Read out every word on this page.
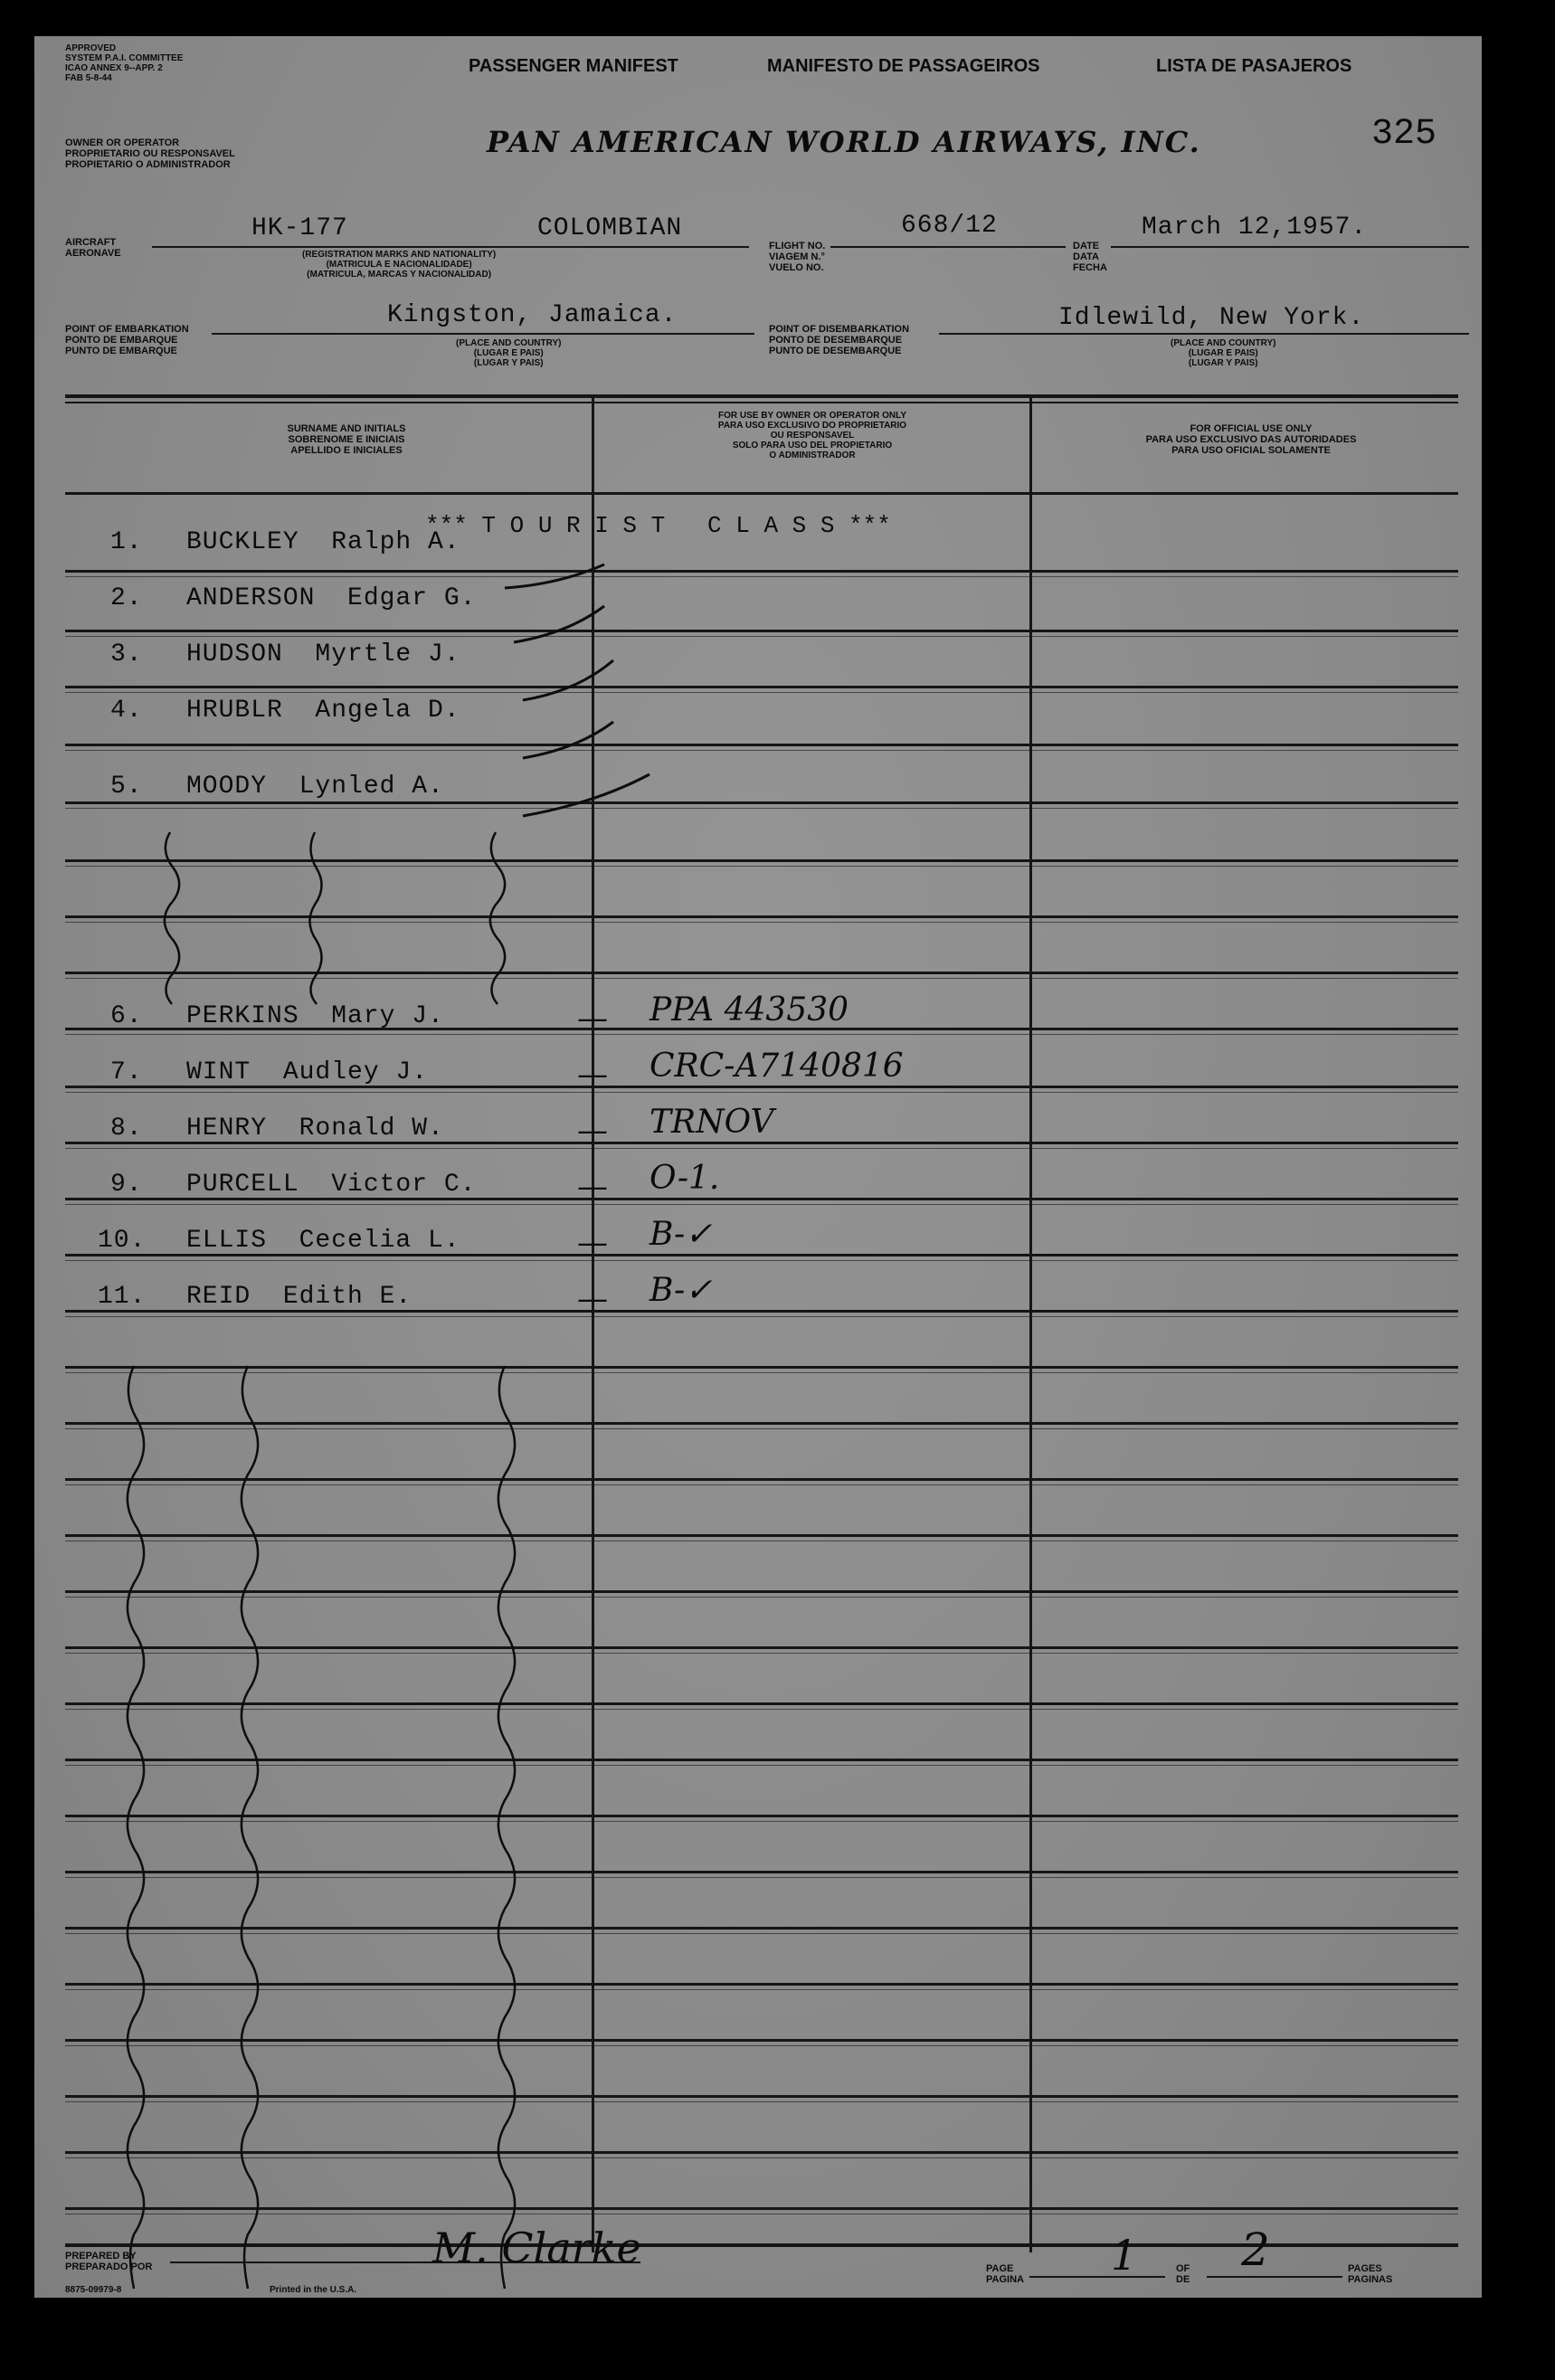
APPROVED
SYSTEM P.A.I. COMMITTEE
ICAO ANNEX 9--APP. 2
FAB 5-8-44
PASSENGER MANIFEST	MANIFESTO DE PASSAGEIROS	LISTA DE PASAJEROS
OWNER OR OPERATOR
PROPRIETARIO OU RESPONSAVEL
PROPIETARIO O ADMINISTRADOR
PAN AMERICAN WORLD AIRWAYS, INC.	325
AIRCRAFT
AERONAVE
HK-177	COLOMBIAN
(REGISTRATION MARKS AND NATIONALITY)
(MATRICULA E NACIONALIDADE)
(MATRICULA, MARCAS Y NACIONALIDAD)
FLIGHT NO.
VIAGEM N.°
VUELO NO.
668/12
DATE
DATA
FECHA
March 12,1957.
POINT OF EMBARKATION
PONTO DE EMBARQUE
PUNTO DE EMBARQUE
Kingston, Jamaica.
(PLACE AND COUNTRY)
(LUGAR E PAIS)
(LUGAR Y PAIS)
POINT OF DISEMBARKATION
PONTO DE DESEMBARQUE
PUNTO DE DESEMBARQUE
Idlewild, New York.
(PLACE AND COUNTRY)
(LUGAR E PAIS)
(LUGAR Y PAIS)
SURNAME AND INITIALS
SOBRENOME E INICIAIS
APELLIDO E INICIALES
FOR USE BY OWNER OR OPERATOR ONLY
PARA USO EXCLUSIVO DO PROPRIETARIO
OU RESPONSAVEL
SOLO PARA USO DEL PROPIETARIO
O ADMINISTRADOR
FOR OFFICIAL USE ONLY
PARA USO EXCLUSIVO DAS AUTORIDADES
PARA USO OFICIAL SOLAMENTE
*** T O U R I S T   C L A S S ***
1. BUCKLEY  Ralph A.
2. ANDERSON  Edgar G.
3. HUDSON  Myrtle J.
4. HRUBLR  Angela D.
5. MOODY  Lynled A.
6. PERKINS  Mary J.	— PPA 443530
7. WINT  Audley J.	— CRC-A7140816
8. HENRY  Ronald W.	— TRNOV
9. PURCELL  Victor C.	— O-1.
10. ELLIS  Cecelia L.	— B-✓
11. REID  Edith E.	— B-✓
PREPARED BY
PREPARADO POR	M. Clarke
8875-09979-8	Printed in the U.S.A.
PAGE
PAGINA 1	OF
DE
2	PAGES
PAGINAS
